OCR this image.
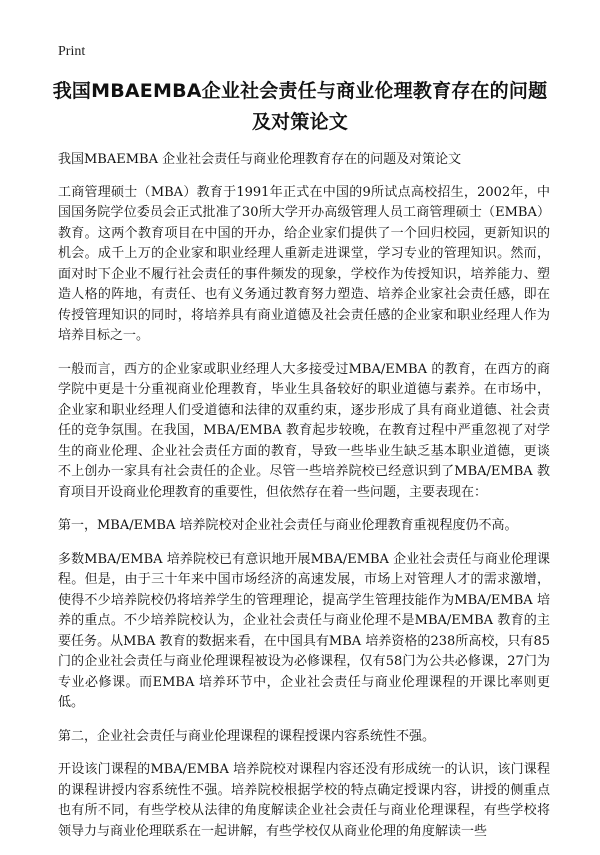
Print
我国MBAEMBA企业社会责任与商业伦理教育存在的问题及对策论文

我国MBAEMBA 企业社会责任与商业伦理教育存在的问题及对策论文

工商管理硕士（MBA）教育于1991年正式在中国的9所试点高校招生，2002年，中国国务院学位委员会正式批准了30所大学开办高级管理人员工商管理硕士（EMBA）教育。这两个教育项目在中国的开办，给企业家们提供了一个回归校园，更新知识的机会。成千上万的企业家和职业经理人重新走进课堂，学习专业的管理知识。然而，面对时下企业不履行社会责任的事件频发的现象，学校作为传授知识，培养能力、塑造人格的阵地，有责任、也有义务通过教育努力塑造、培养企业家社会责任感，即在传授管理知识的同时，将培养具有商业道德及社会责任感的企业家和职业经理人作为培养目标之一。

一般而言，西方的企业家或职业经理人大多接受过MBA/EMBA 的教育，在西方的商学院中更是十分重视商业伦理教育，毕业生具备较好的职业道德与素养。在市场中，企业家和职业经理人们受道德和法律的双重约束，逐步形成了具有商业道德、社会责任的竞争氛围。在我国，MBA/EMBA 教育起步较晚，在教育过程中严重忽视了对学生的商业伦理、企业社会责任方面的教育，导致一些毕业生缺乏基本职业道德，更谈不上创办一家具有社会责任的企业。尽管一些培养院校已经意识到了MBA/EMBA 教育项目开设商业伦理教育的重要性，但依然存在着一些问题，主要表现在：

第一，MBA/EMBA 培养院校对企业社会责任与商业伦理教育重视程度仍不高。

多数MBA/EMBA 培养院校已有意识地开展MBA/EMBA 企业社会责任与商业伦理课程。但是，由于三十年来中国市场经济的高速发展，市场上对管理人才的需求激增，使得不少培养院校仍将培养学生的管理理论，提高学生管理技能作为MBA/EMBA 培养的重点。不少培养院校认为，企业社会责任与商业伦理不是MBA/EMBA 教育的主要任务。从MBA 教育的数据来看，在中国具有MBA 培养资格的238所高校，只有85门的企业社会责任与商业伦理课程被设为必修课程，仅有58门为公共必修课，27门为专业必修课。而EMBA 培养环节中，企业社会责任与商业伦理课程的开课比率则更低。

第二，企业社会责任与商业伦理课程的课程授课内容系统性不强。

开设该门课程的MBA/EMBA 培养院校对课程内容还没有形成统一的认识，该门课程的课程讲授内容系统性不强。培养院校根据学校的特点确定授课内容，讲授的侧重点也有所不同，有些学校从法律的角度解读企业社会责任与商业伦理课程，有些学校将领导力与商业伦理联系在一起讲解，有些学校仅从商业伦理的角度解读一些
